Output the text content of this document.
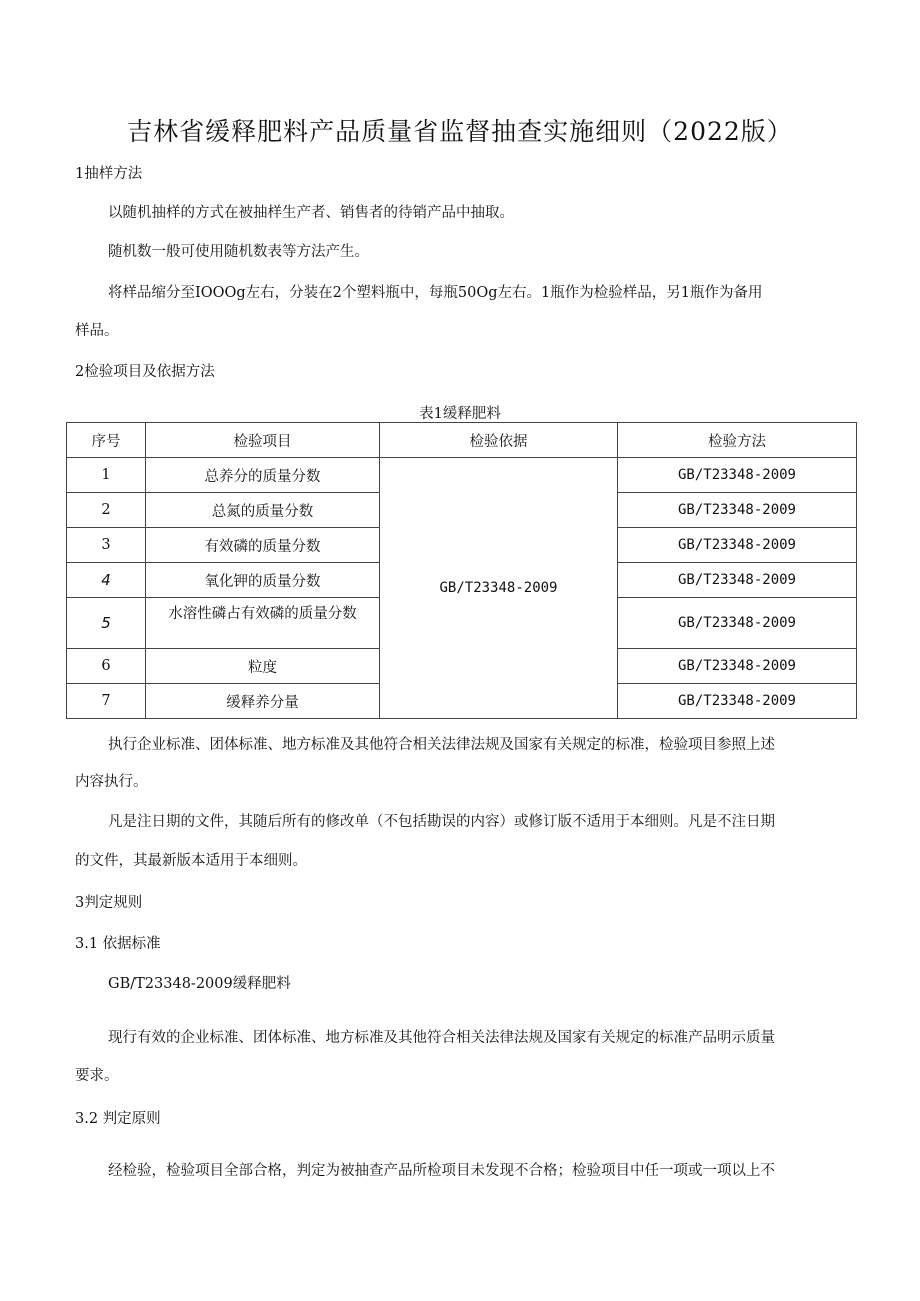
吉林省缓释肥料产品质量省监督抽查实施细则（2022版）
1抽样方法
以随机抽样的方式在被抽样生产者、销售者的待销产品中抽取。
随机数一般可使用随机数表等方法产生。
将样品缩分至IOOOg左右，分装在2个塑料瓶中，每瓶50Og左右。1瓶作为检验样品，另1瓶作为备用
样品。
2检验项目及依据方法
表1缓释肥料
序号	检验项目	检验依据	检验方法
1	总养分的质量分数	GB/T23348-2009	GB/T23348-2009
2	总氮的质量分数		GB/T23348-2009
3	有效磷的质量分数		GB/T23348-2009
4	氧化钾的质量分数		GB/T23348-2009
5	水溶性磷占有效磷的质量分数		GB/T23348-2009
6	粒度		GB/T23348-2009
7	缓释养分量		GB/T23348-2009
执行企业标准、团体标准、地方标准及其他符合相关法律法规及国家有关规定的标准，检验项目参照上述
内容执行。
凡是注日期的文件，其随后所有的修改单（不包括勘误的内容）或修订版不适用于本细则。凡是不注日期
的文件，其最新版本适用于本细则。
3判定规则
3.1 依据标准
GB/T23348-2009缓释肥料
现行有效的企业标准、团体标准、地方标准及其他符合相关法律法规及国家有关规定的标准产品明示质量
要求。
3.2 判定原则
经检验，检验项目全部合格，判定为被抽查产品所检项目未发现不合格；检验项目中任一项或一项以上不
